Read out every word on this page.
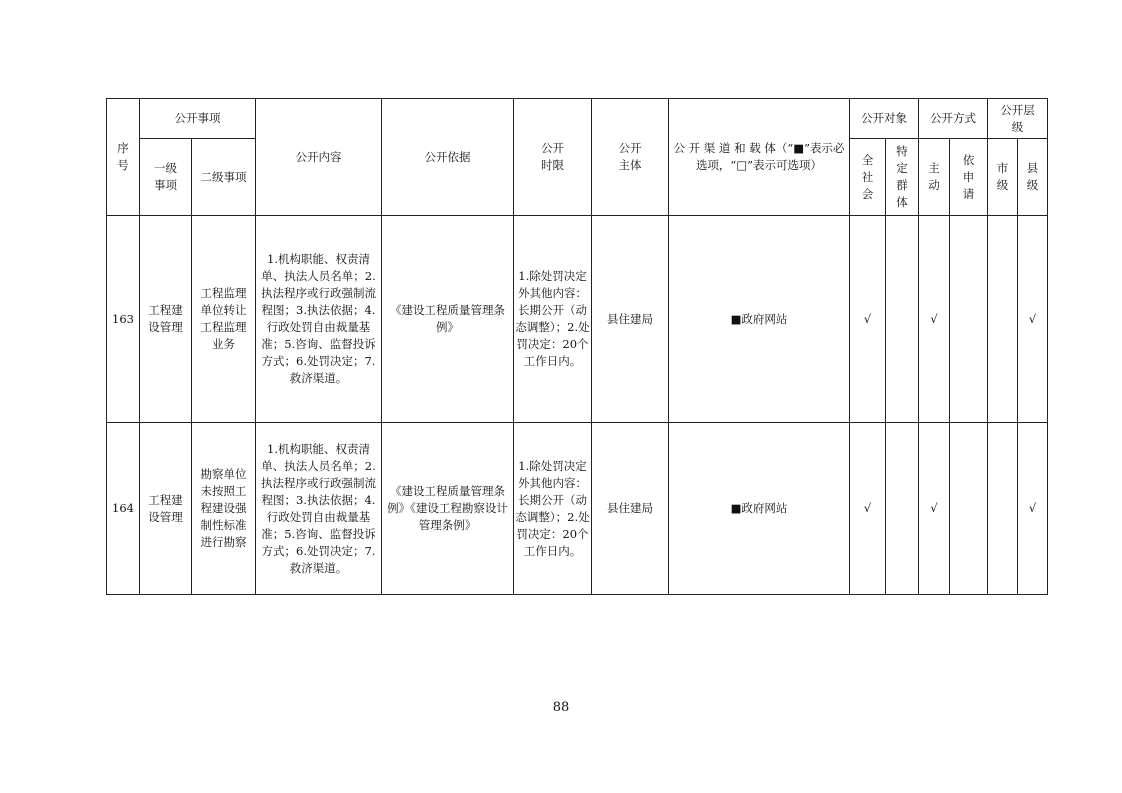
序号	公开事项		公开内容	公开依据	公开时限	公开主体	公 开 渠 道 和 载 体（“■”表示必选项，“□”表示可选项）	公开对象		公开方式		公开层级	
	一级事项	二级事项						全社会	特定群体	主动	依申请	市级	县级
163	工程建设管理	工程监理单位转让工程监理业务	1.机构职能、权责清单、执法人员名单；2.执法程序或行政强制流程图；3.执法依据；4.行政处罚自由裁量基准；5.咨询、监督投诉方式；6.处罚决定；7.救济渠道。	《建设工程质量管理条例》	1.除处罚决定外其他内容：长期公开（动态调整）；2.处罚决定：20个工作日内。	县住建局	■政府网站	√		√			√
164	工程建设管理	勘察单位未按照工程建设强制性标准进行勘察	1.机构职能、权责清单、执法人员名单；2.执法程序或行政强制流程图；3.执法依据；4.行政处罚自由裁量基准；5.咨询、监督投诉方式；6.处罚决定；7.救济渠道。	《建设工程质量管理条例》《建设工程勘察设计管理条例》	1.除处罚决定外其他内容：长期公开（动态调整）；2.处罚决定：20个工作日内。	县住建局	■政府网站	√		√			√
88
